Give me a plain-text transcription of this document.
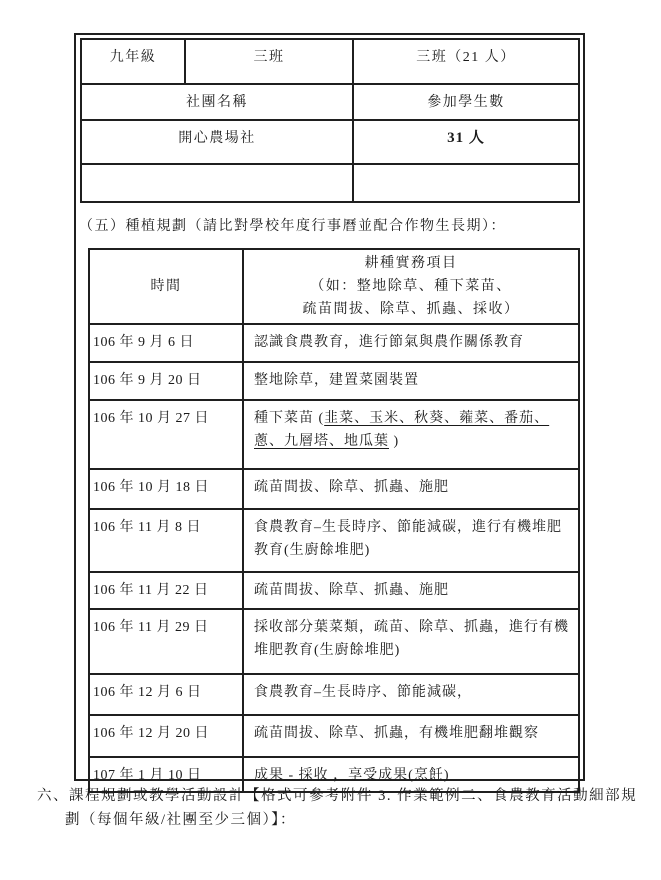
九年級	三班	三班（21 人）
社團名稱		參加學生數
開心農場社		31 人

（五）種植規劃（請比對學校年度行事曆並配合作物生長期）：
時間	耕種實務項目
（如：整地除草、種下菜苗、
疏苗間拔、除草、抓蟲、採收）

106 年 9 月 6 日	認識食農教育，進行節氣與農作關係教育
106 年 9 月 20 日	整地除草，建置菜園裝置
106 年 10 月 27 日	種下菜苗 (韭菜、玉米、秋葵、蕹菜、番茄、蔥、九層塔、地瓜葉 )
106 年 10 月 18 日	疏苗間拔、除草、抓蟲、施肥
106 年 11 月 8 日	食農教育–生長時序、節能減碳，進行有機堆肥教育(生廚餘堆肥)
106 年 11 月 22 日	疏苗間拔、除草、抓蟲、施肥
106 年 11 月 29 日	採收部分葉菜類，疏苗、除草、抓蟲，進行有機堆肥教育(生廚餘堆肥)
106 年 12 月 6 日	食農教育–生長時序、節能減碳，
106 年 12 月 20 日	疏苗間拔、除草、抓蟲，有機堆肥翻堆觀察
107 年 1 月 10 日	成果 - 採收 ，享受成果(烹飪)
六、課程規劃或教學活動設計【格式可參考附件 3. 作業範例二、食農教育活動細部規
劃（每個年級/社團至少三個）】：
